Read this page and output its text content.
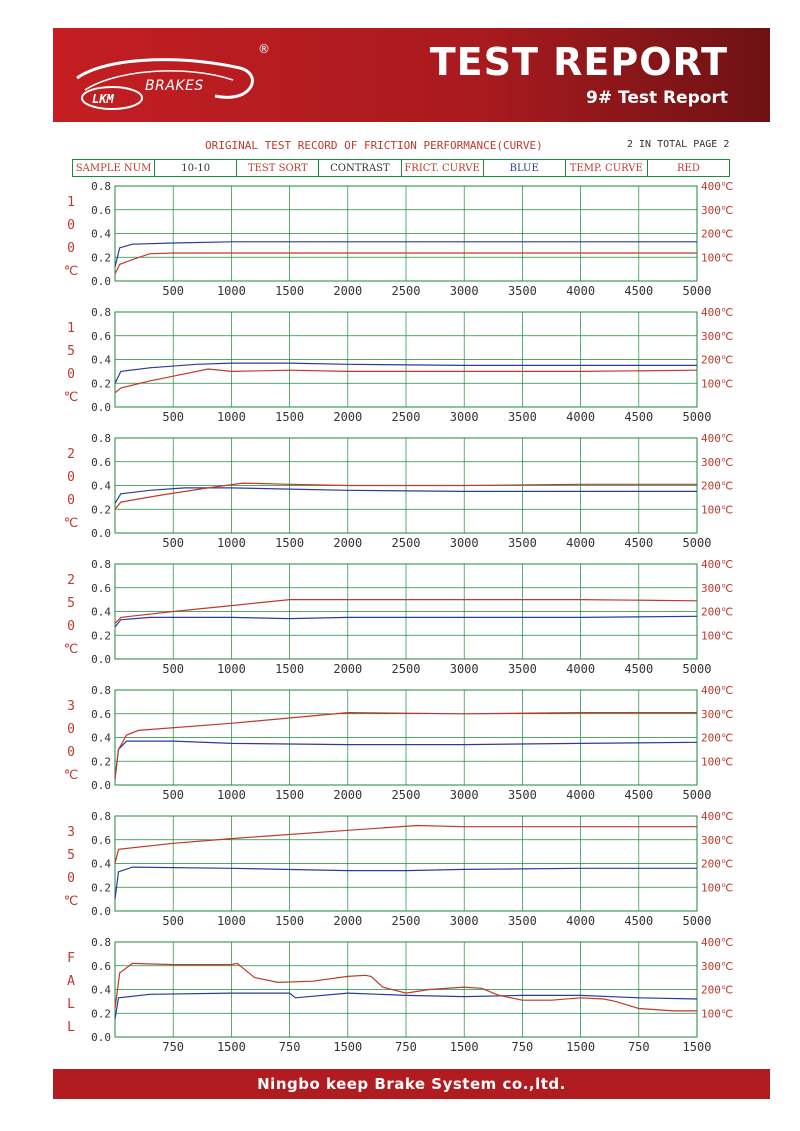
LKM
BRAKES
®	TEST REPORT
9# Test Report
ORIGINAL TEST RECORD OF FRICTION PERFORMANCE(CURVE)	2 IN TOTAL PAGE 2
SAMPLE NUM	10-10	TEST SORT	CONTRAST	FRICT. CURVE	BLUE	TEMP. CURVE	RED
0.0
0.2
0.4
0.6
0.8
100℃
200℃
300℃
400℃
500	1000 1500 2000 2500 3000 3500 4000 4500 5000
1
0
0
℃
0.0
0.2
0.4
0.6
0.8
100℃
200℃
300℃
400℃
500	1000 1500 2000 2500 3000 3500 4000 4500 5000
1
5
0
℃
0.0
0.2
0.4
0.6
0.8
100℃
200℃
300℃
400℃
500	1000 1500 2000 2500 3000 3500 4000 4500 5000
2
0
0
℃
0.0
0.2
0.4
0.6
0.8
100℃
200℃
300℃
400℃
500	1000 1500 2000 2500 3000 3500 4000 4500 5000
2
5
0
℃
0.0
0.2
0.4
0.6
0.8
100℃
200℃
300℃
400℃
500	1000 1500 2000 2500 3000 3500 4000 4500 5000
3
0
0
℃
0.0
0.2
0.4
0.6
0.8
100℃
200℃
300℃
400℃
500	1000 1500 2000 2500 3000 3500 4000 4500 5000
3
5
0
℃
0.0
0.2
0.4
0.6
0.8
100℃
200℃
300℃
400℃
750	1500	750	1500	750	1500	750	1500	750	1500
F
A
L
L
Ningbo keep Brake System co.,ltd.
